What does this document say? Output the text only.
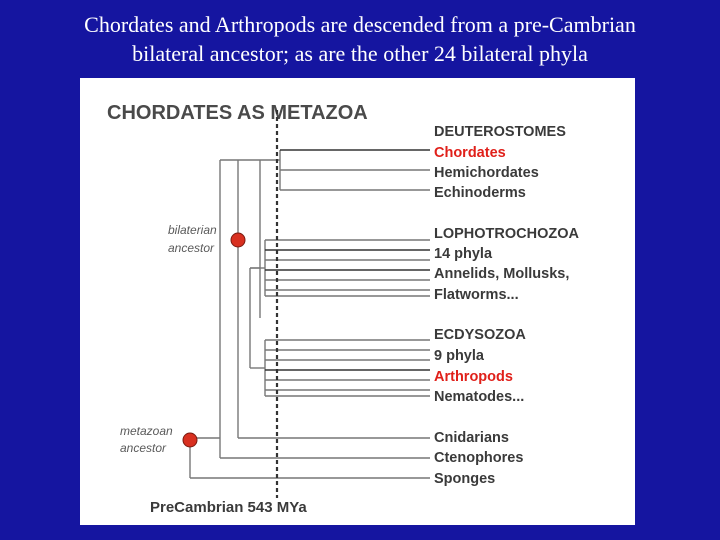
Chordates and Arthropods are descended from a pre-Cambrian
bilateral ancestor; as are the other 24 bilateral phyla
CHORDATES AS METAZOA
bilaterian
ancestor
metazoan
ancestor
DEUTEROSTOMES
LOPHOTROCHOZOA
ECDYSOZOA
Chordates
Hemichordates
Echinoderms
14 phyla
Annelids, Mollusks,
Flatworms...
9 phyla
Arthropods
Nematodes...
Cnidarians
Ctenophores
Sponges
PreCambrian 543 MYa
